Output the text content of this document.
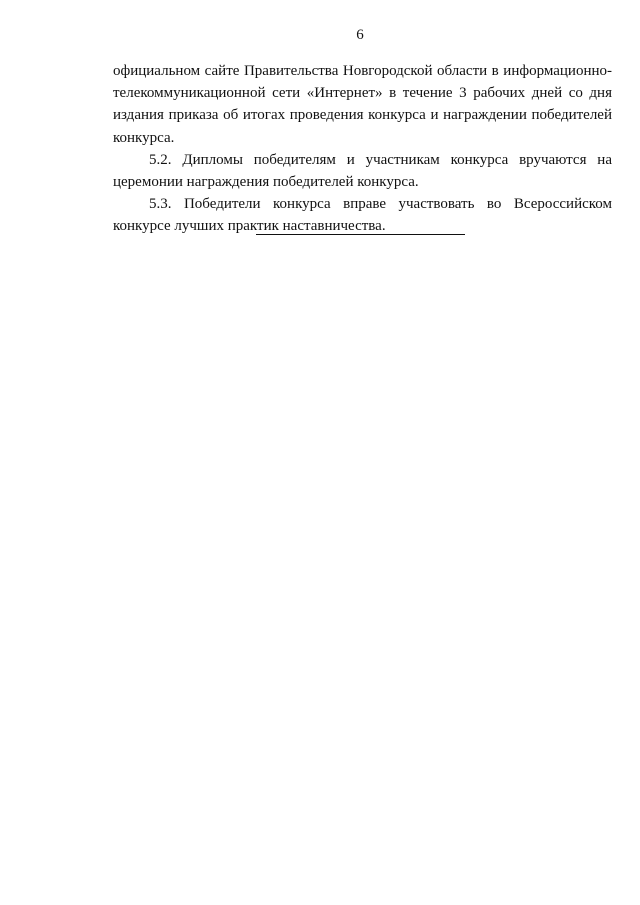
6

официальном сайте Правительства Новгородской области в информационно-телекоммуникационной сети «Интернет» в течение 3 рабочих дней со дня издания приказа об итогах проведения конкурса и награждении победителей конкурса.

5.2. Дипломы победителям и участникам конкурса вручаются на церемонии награждения победителей конкурса.

5.3. Победители конкурса вправе участвовать во Всероссийском конкурсе лучших практик наставничества.
